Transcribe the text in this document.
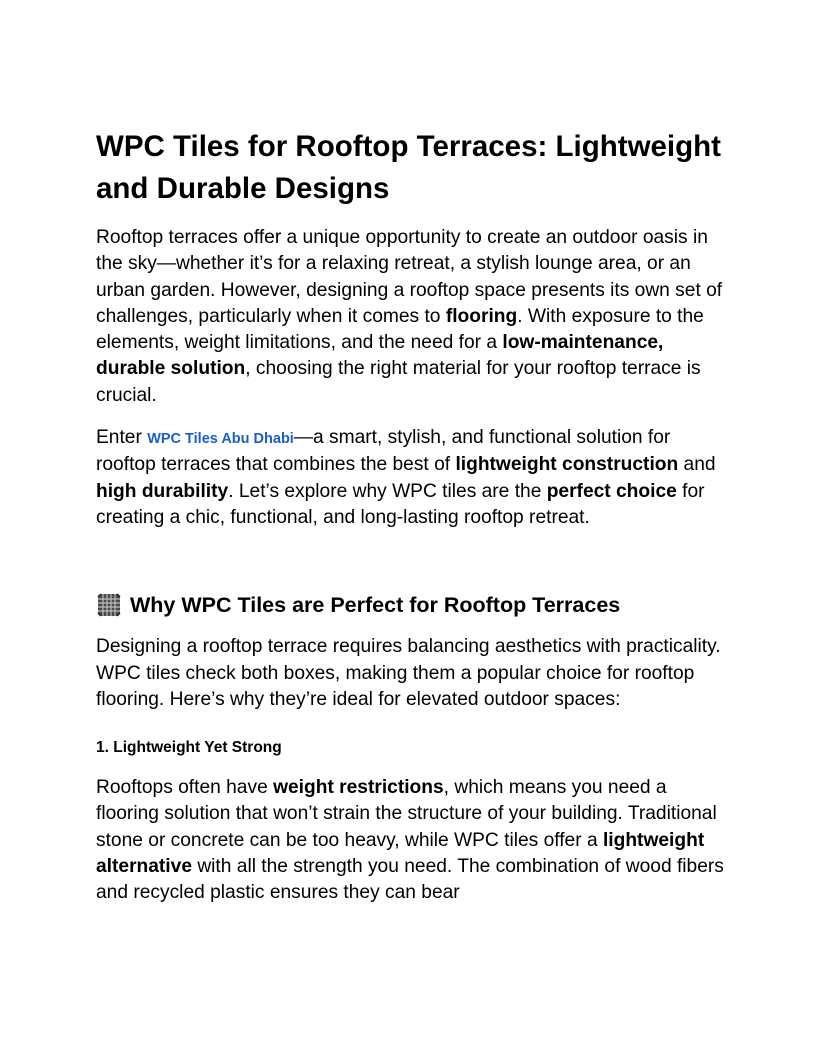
WPC Tiles for Rooftop Terraces: Lightweight and Durable Designs

Rooftop terraces offer a unique opportunity to create an outdoor oasis in the sky—whether it’s for a relaxing retreat, a stylish lounge area, or an urban garden. However, designing a rooftop space presents its own set of challenges, particularly when it comes to flooring. With exposure to the elements, weight limitations, and the need for a low-maintenance, durable solution, choosing the right material for your rooftop terrace is crucial.

Enter WPC Tiles Abu Dhabi—a smart, stylish, and functional solution for rooftop terraces that combines the best of lightweight construction and high durability. Let’s explore why WPC tiles are the perfect choice for creating a chic, functional, and long-lasting rooftop retreat.

Why WPC Tiles are Perfect for Rooftop Terraces

Designing a rooftop terrace requires balancing aesthetics with practicality. WPC tiles check both boxes, making them a popular choice for rooftop flooring. Here’s why they’re ideal for elevated outdoor spaces:

1. Lightweight Yet Strong

Rooftops often have weight restrictions, which means you need a flooring solution that won’t strain the structure of your building. Traditional stone or concrete can be too heavy, while WPC tiles offer a lightweight alternative with all the strength you need. The combination of wood fibers and recycled plastic ensures they can bear
